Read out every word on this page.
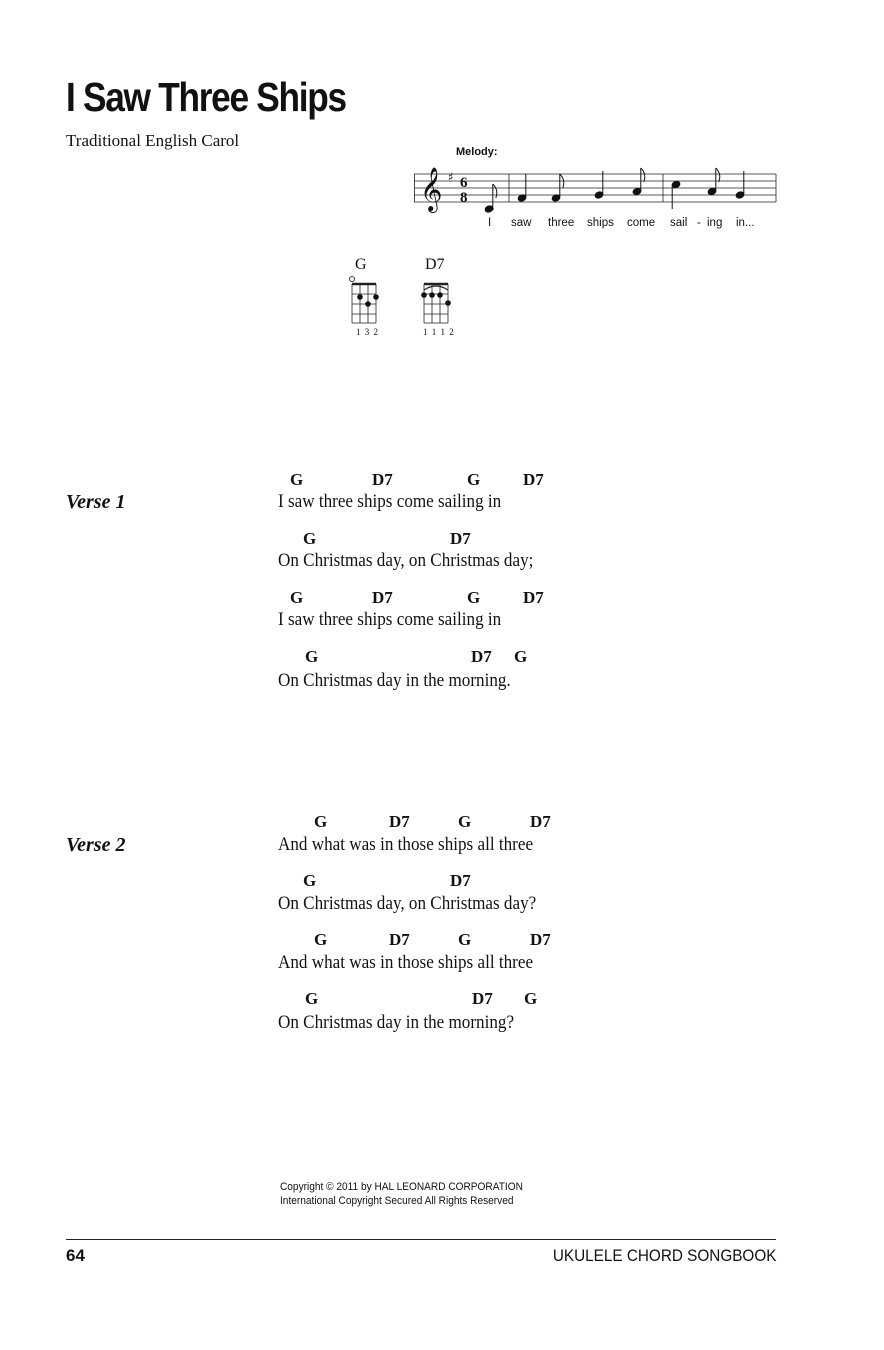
I Saw Three Ships
Traditional English Carol
Melody:
𝄞 ♯ 6
8
I saw three ships come sail - ing in...
G
1 3 2
D7
1 1 1 2
Verse 1
G	D7	G	D7
I saw three ships come sailing in
G	D7
On Christmas day, on Christmas day;
G	D7	G	D7
I saw three ships come sailing in
G	D7 G
On Christmas day in the morning.
Verse 2
G	D7	G	D7
And what was in those ships all three
G	D7
On Christmas day, on Christmas day?
G	D7	G	D7
And what was in those ships all three
G	D7 G
On Christmas day in the morning?
Copyright © 2011 by HAL LEONARD CORPORATION
International Copyright Secured All Rights Reserved
64	UKULELE CHORD SONGBOOK
